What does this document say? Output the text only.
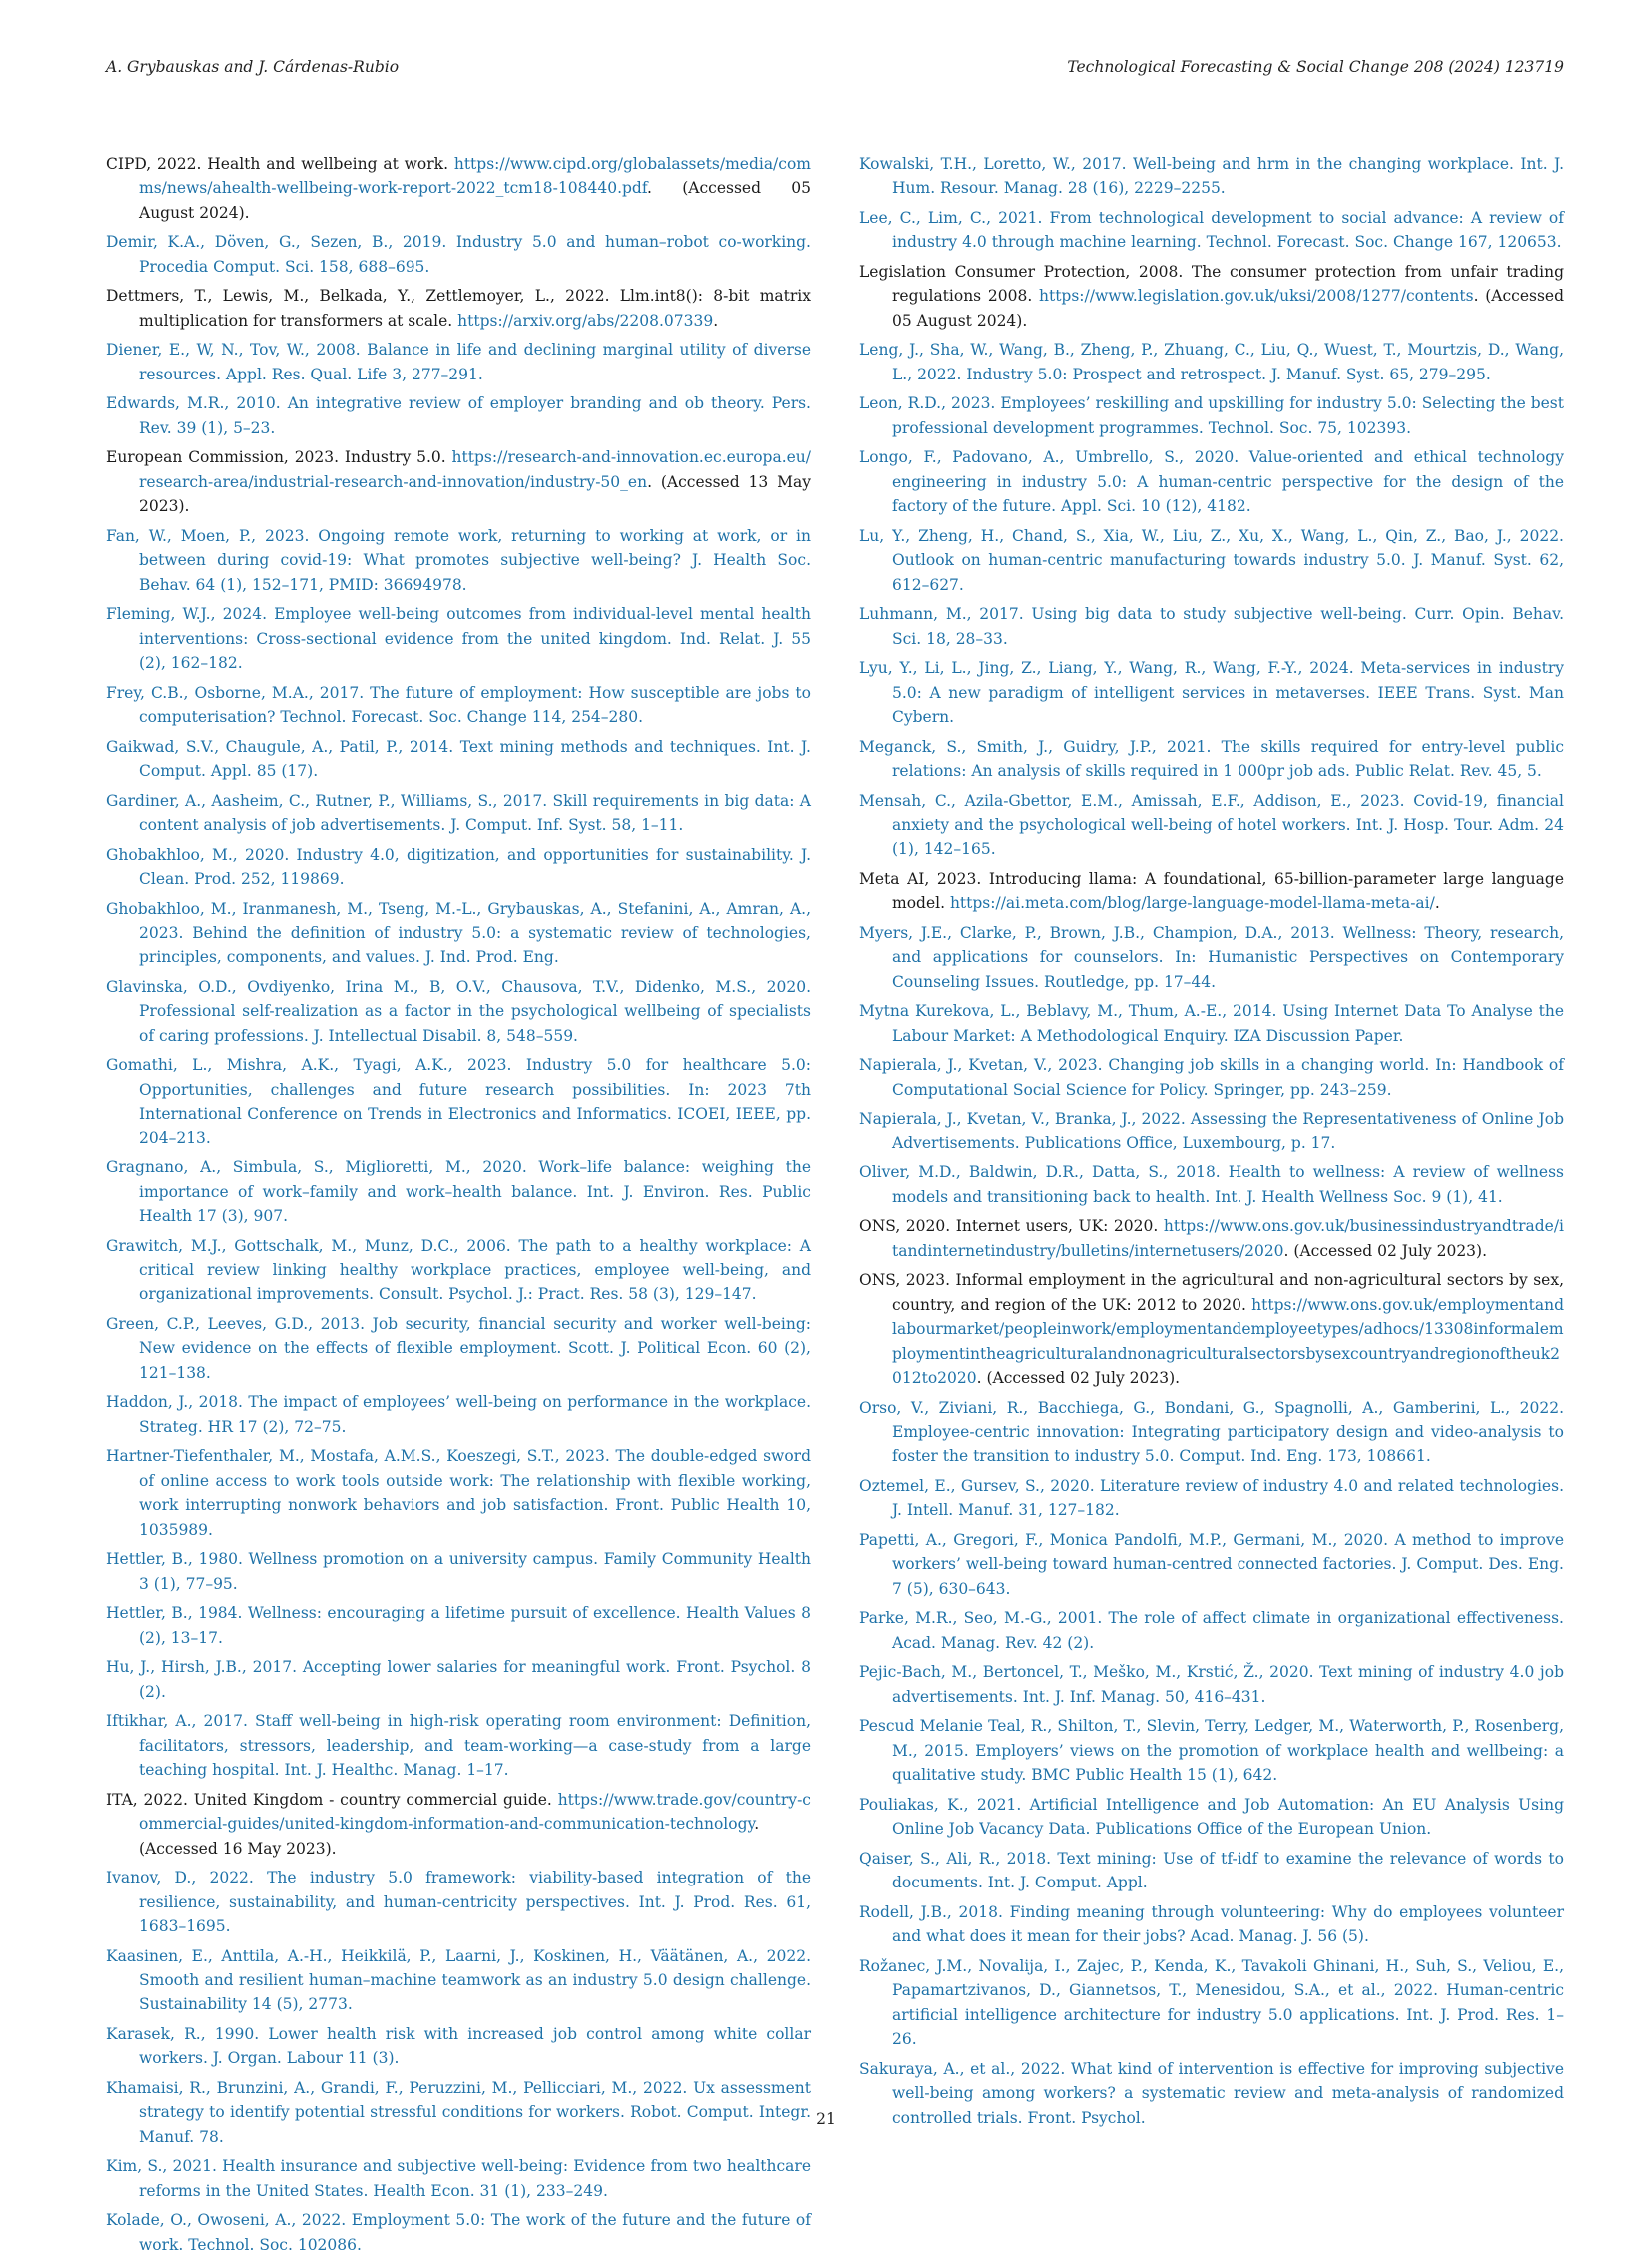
A. Grybauskas and J. Cárdenas-Rubio	Technological Forecasting & Social Change 208 (2024) 123719

CIPD, 2022. Health and wellbeing at work. https://www.cipd.org/globalassets/media/comms/news/ahealth-wellbeing-work-report-2022_tcm18-108440.pdf. (Accessed 05 August 2024).

Demir, K.A., Döven, G., Sezen, B., 2019. Industry 5.0 and human–robot co-working. Procedia Comput. Sci. 158, 688–695.

Dettmers, T., Lewis, M., Belkada, Y., Zettlemoyer, L., 2022. Llm.int8(): 8-bit matrix multiplication for transformers at scale. https://arxiv.org/abs/2208.07339.

Diener, E., W, N., Tov, W., 2008. Balance in life and declining marginal utility of diverse resources. Appl. Res. Qual. Life 3, 277–291.

Edwards, M.R., 2010. An integrative review of employer branding and ob theory. Pers. Rev. 39 (1), 5–23.

European Commission, 2023. Industry 5.0. https://research-and-innovation.ec.europa.eu/research-area/industrial-research-and-innovation/industry-50_en. (Accessed 13 May 2023).

Fan, W., Moen, P., 2023. Ongoing remote work, returning to working at work, or in between during covid-19: What promotes subjective well-being? J. Health Soc. Behav. 64 (1), 152–171, PMID: 36694978.

Fleming, W.J., 2024. Employee well-being outcomes from individual-level mental health interventions: Cross-sectional evidence from the united kingdom. Ind. Relat. J. 55 (2), 162–182.

Frey, C.B., Osborne, M.A., 2017. The future of employment: How susceptible are jobs to computerisation? Technol. Forecast. Soc. Change 114, 254–280.

Gaikwad, S.V., Chaugule, A., Patil, P., 2014. Text mining methods and techniques. Int. J. Comput. Appl. 85 (17).

Gardiner, A., Aasheim, C., Rutner, P., Williams, S., 2017. Skill requirements in big data: A content analysis of job advertisements. J. Comput. Inf. Syst. 58, 1–11.

Ghobakhloo, M., 2020. Industry 4.0, digitization, and opportunities for sustainability. J. Clean. Prod. 252, 119869.

Ghobakhloo, M., Iranmanesh, M., Tseng, M.-L., Grybauskas, A., Stefanini, A., Amran, A., 2023. Behind the definition of industry 5.0: a systematic review of technologies, principles, components, and values. J. Ind. Prod. Eng.

Glavinska, O.D., Ovdiyenko, Irina M., B, O.V., Chausova, T.V., Didenko, M.S., 2020. Professional self-realization as a factor in the psychological wellbeing of specialists of caring professions. J. Intellectual Disabil. 8, 548–559.

Gomathi, L., Mishra, A.K., Tyagi, A.K., 2023. Industry 5.0 for healthcare 5.0: Opportunities, challenges and future research possibilities. In: 2023 7th International Conference on Trends in Electronics and Informatics. ICOEI, IEEE, pp. 204–213.

Gragnano, A., Simbula, S., Miglioretti, M., 2020. Work–life balance: weighing the importance of work–family and work–health balance. Int. J. Environ. Res. Public Health 17 (3), 907.

Grawitch, M.J., Gottschalk, M., Munz, D.C., 2006. The path to a healthy workplace: A critical review linking healthy workplace practices, employee well-being, and organizational improvements. Consult. Psychol. J.: Pract. Res. 58 (3), 129–147.

Green, C.P., Leeves, G.D., 2013. Job security, financial security and worker well-being: New evidence on the effects of flexible employment. Scott. J. Political Econ. 60 (2), 121–138.

Haddon, J., 2018. The impact of employees’ well-being on performance in the workplace. Strateg. HR 17 (2), 72–75.

Hartner-Tiefenthaler, M., Mostafa, A.M.S., Koeszegi, S.T., 2023. The double-edged sword of online access to work tools outside work: The relationship with flexible working, work interrupting nonwork behaviors and job satisfaction. Front. Public Health 10, 1035989.

Hettler, B., 1980. Wellness promotion on a university campus. Family Community Health 3 (1), 77–95.

Hettler, B., 1984. Wellness: encouraging a lifetime pursuit of excellence. Health Values 8 (2), 13–17.

Hu, J., Hirsh, J.B., 2017. Accepting lower salaries for meaningful work. Front. Psychol. 8 (2).

Iftikhar, A., 2017. Staff well-being in high-risk operating room environment: Definition, facilitators, stressors, leadership, and team-working—a case-study from a large teaching hospital. Int. J. Healthc. Manag. 1–17.

ITA, 2022. United Kingdom - country commercial guide. https://www.trade.gov/country-commercial-guides/united-kingdom-information-and-communication-technology. (Accessed 16 May 2023).

Ivanov, D., 2022. The industry 5.0 framework: viability-based integration of the resilience, sustainability, and human-centricity perspectives. Int. J. Prod. Res. 61, 1683–1695.

Kaasinen, E., Anttila, A.-H., Heikkilä, P., Laarni, J., Koskinen, H., Väätänen, A., 2022. Smooth and resilient human–machine teamwork as an industry 5.0 design challenge. Sustainability 14 (5), 2773.

Karasek, R., 1990. Lower health risk with increased job control among white collar workers. J. Organ. Labour 11 (3).

Khamaisi, R., Brunzini, A., Grandi, F., Peruzzini, M., Pellicciari, M., 2022. Ux assessment strategy to identify potential stressful conditions for workers. Robot. Comput. Integr. Manuf. 78.

Kim, S., 2021. Health insurance and subjective well-being: Evidence from two healthcare reforms in the United States. Health Econ. 31 (1), 233–249.

Kolade, O., Owoseni, A., 2022. Employment 5.0: The work of the future and the future of work. Technol. Soc. 102086.

Kowalski, T.H., Loretto, W., 2017. Well-being and hrm in the changing workplace. Int. J. Hum. Resour. Manag. 28 (16), 2229–2255.

Lee, C., Lim, C., 2021. From technological development to social advance: A review of industry 4.0 through machine learning. Technol. Forecast. Soc. Change 167, 120653.

Legislation Consumer Protection, 2008. The consumer protection from unfair trading regulations 2008. https://www.legislation.gov.uk/uksi/2008/1277/contents. (Accessed 05 August 2024).

Leng, J., Sha, W., Wang, B., Zheng, P., Zhuang, C., Liu, Q., Wuest, T., Mourtzis, D., Wang, L., 2022. Industry 5.0: Prospect and retrospect. J. Manuf. Syst. 65, 279–295.

Leon, R.D., 2023. Employees’ reskilling and upskilling for industry 5.0: Selecting the best professional development programmes. Technol. Soc. 75, 102393.

Longo, F., Padovano, A., Umbrello, S., 2020. Value-oriented and ethical technology engineering in industry 5.0: A human-centric perspective for the design of the factory of the future. Appl. Sci. 10 (12), 4182.

Lu, Y., Zheng, H., Chand, S., Xia, W., Liu, Z., Xu, X., Wang, L., Qin, Z., Bao, J., 2022. Outlook on human-centric manufacturing towards industry 5.0. J. Manuf. Syst. 62, 612–627.

Luhmann, M., 2017. Using big data to study subjective well-being. Curr. Opin. Behav. Sci. 18, 28–33.

Lyu, Y., Li, L., Jing, Z., Liang, Y., Wang, R., Wang, F.-Y., 2024. Meta-services in industry 5.0: A new paradigm of intelligent services in metaverses. IEEE Trans. Syst. Man Cybern.

Meganck, S., Smith, J., Guidry, J.P., 2021. The skills required for entry-level public relations: An analysis of skills required in 1 000pr job ads. Public Relat. Rev. 45, 5.

Mensah, C., Azila-Gbettor, E.M., Amissah, E.F., Addison, E., 2023. Covid-19, financial anxiety and the psychological well-being of hotel workers. Int. J. Hosp. Tour. Adm. 24 (1), 142–165.

Meta AI, 2023. Introducing llama: A foundational, 65-billion-parameter large language model. https://ai.meta.com/blog/large-language-model-llama-meta-ai/.

Myers, J.E., Clarke, P., Brown, J.B., Champion, D.A., 2013. Wellness: Theory, research, and applications for counselors. In: Humanistic Perspectives on Contemporary Counseling Issues. Routledge, pp. 17–44.

Mytna Kurekova, L., Beblavy, M., Thum, A.-E., 2014. Using Internet Data To Analyse the Labour Market: A Methodological Enquiry. IZA Discussion Paper.

Napierala, J., Kvetan, V., 2023. Changing job skills in a changing world. In: Handbook of Computational Social Science for Policy. Springer, pp. 243–259.

Napierala, J., Kvetan, V., Branka, J., 2022. Assessing the Representativeness of Online Job Advertisements. Publications Office, Luxembourg, p. 17.

Oliver, M.D., Baldwin, D.R., Datta, S., 2018. Health to wellness: A review of wellness models and transitioning back to health. Int. J. Health Wellness Soc. 9 (1), 41.

ONS, 2020. Internet users, UK: 2020. https://www.ons.gov.uk/businessindustryandtrade/itandinternetindustry/bulletins/internetusers/2020. (Accessed 02 July 2023).

ONS, 2023. Informal employment in the agricultural and non-agricultural sectors by sex, country, and region of the UK: 2012 to 2020. https://www.ons.gov.uk/employmentandlabourmarket/peopleinwork/employmentandemployeetypes/adhocs/13308informalemploymentintheagriculturalandnonagriculturalsectorsbysexcountryandregionoftheuk2012to2020. (Accessed 02 July 2023).

Orso, V., Ziviani, R., Bacchiega, G., Bondani, G., Spagnolli, A., Gamberini, L., 2022. Employee-centric innovation: Integrating participatory design and video-analysis to foster the transition to industry 5.0. Comput. Ind. Eng. 173, 108661.

Oztemel, E., Gursev, S., 2020. Literature review of industry 4.0 and related technologies. J. Intell. Manuf. 31, 127–182.

Papetti, A., Gregori, F., Monica Pandolfi, M.P., Germani, M., 2020. A method to improve workers’ well-being toward human-centred connected factories. J. Comput. Des. Eng. 7 (5), 630–643.

Parke, M.R., Seo, M.-G., 2001. The role of affect climate in organizational effectiveness. Acad. Manag. Rev. 42 (2).

Pejic-Bach, M., Bertoncel, T., Meško, M., Krstić, Ž., 2020. Text mining of industry 4.0 job advertisements. Int. J. Inf. Manag. 50, 416–431.

Pescud Melanie Teal, R., Shilton, T., Slevin, Terry, Ledger, M., Waterworth, P., Rosenberg, M., 2015. Employers’ views on the promotion of workplace health and wellbeing: a qualitative study. BMC Public Health 15 (1), 642.

Pouliakas, K., 2021. Artificial Intelligence and Job Automation: An EU Analysis Using Online Job Vacancy Data. Publications Office of the European Union.

Qaiser, S., Ali, R., 2018. Text mining: Use of tf-idf to examine the relevance of words to documents. Int. J. Comput. Appl.

Rodell, J.B., 2018. Finding meaning through volunteering: Why do employees volunteer and what does it mean for their jobs? Acad. Manag. J. 56 (5).

Rožanec, J.M., Novalija, I., Zajec, P., Kenda, K., Tavakoli Ghinani, H., Suh, S., Veliou, E., Papamartzivanos, D., Giannetsos, T., Menesidou, S.A., et al., 2022. Human-centric artificial intelligence architecture for industry 5.0 applications. Int. J. Prod. Res. 1–26.

Sakuraya, A., et al., 2022. What kind of intervention is effective for improving subjective well-being among workers? a systematic review and meta-analysis of randomized controlled trials. Front. Psychol.

21
